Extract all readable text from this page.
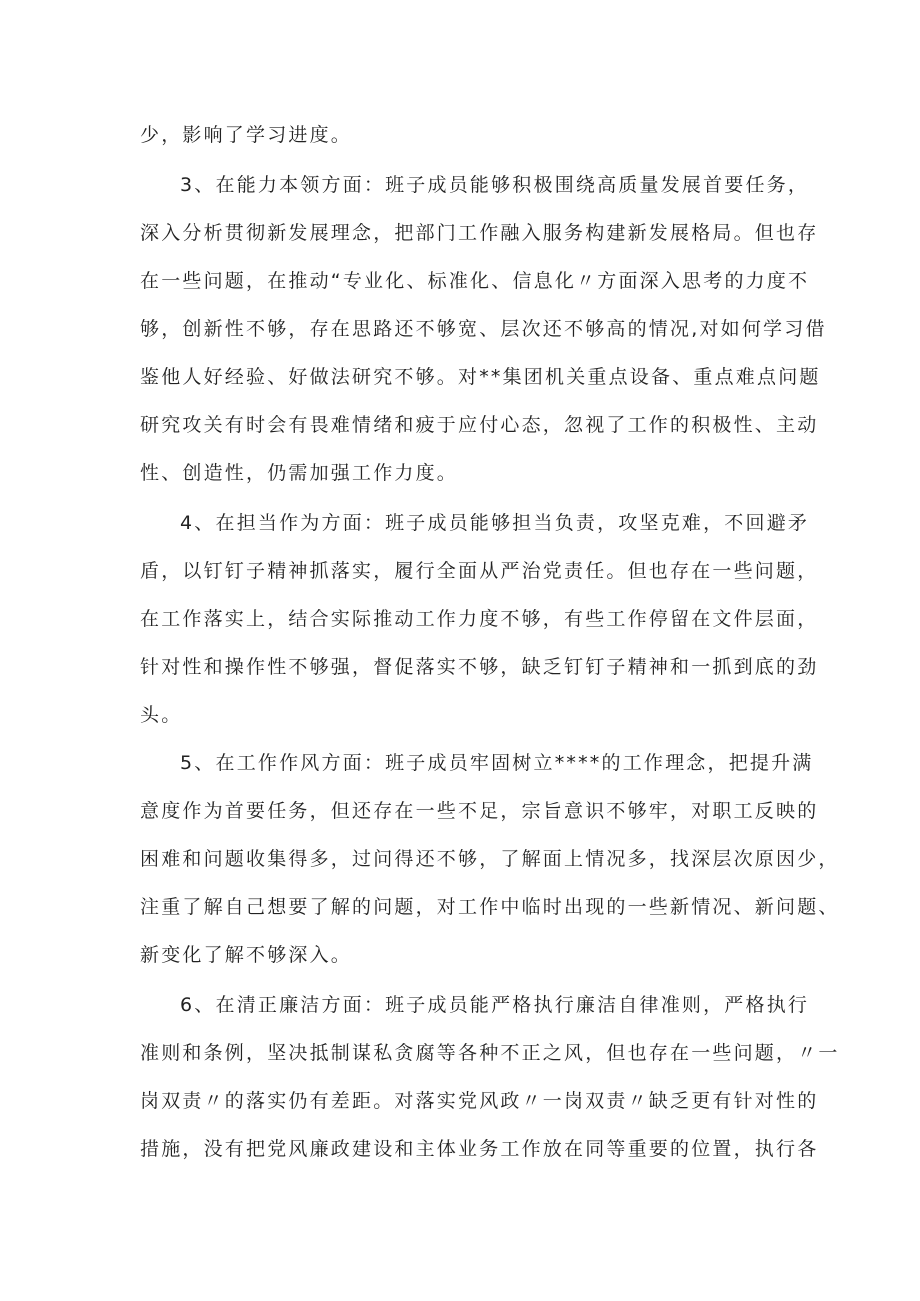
少，影响了学习进度。
3、在能力本领方面：班子成员能够积极围绕高质量发展首要任务，
深入分析贯彻新发展理念，把部门工作融入服务构建新发展格局。但也存
在一些问题，在推动“专业化、标准化、信息化〃方面深入思考的力度不
够，创新性不够，存在思路还不够宽、层次还不够高的情况,对如何学习借
鉴他人好经验、好做法研究不够。对**集团机关重点设备、重点难点问题
研究攻关有时会有畏难情绪和疲于应付心态，忽视了工作的积极性、主动
性、创造性，仍需加强工作力度。
4、在担当作为方面：班子成员能够担当负责，攻坚克难，不回避矛
盾，以钉钉子精神抓落实，履行全面从严治党责任。但也存在一些问题，
在工作落实上，结合实际推动工作力度不够，有些工作停留在文件层面，
针对性和操作性不够强，督促落实不够，缺乏钉钉子精神和一抓到底的劲
头。
5、在工作作风方面：班子成员牢固树立****的工作理念，把提升满
意度作为首要任务，但还存在一些不足，宗旨意识不够牢，对职工反映的
困难和问题收集得多，过问得还不够，了解面上情况多，找深层次原因少，
注重了解自己想要了解的问题，对工作中临时出现的一些新情况、新问题、
新变化了解不够深入。
6、在清正廉洁方面：班子成员能严格执行廉洁自律准则，严格执行
准则和条例，坚决抵制谋私贪腐等各种不正之风，但也存在一些问题，〃一
岗双责〃的落实仍有差距。对落实党风政〃一岗双责〃缺乏更有针对性的
措施，没有把党风廉政建设和主体业务工作放在同等重要的位置，执行各
